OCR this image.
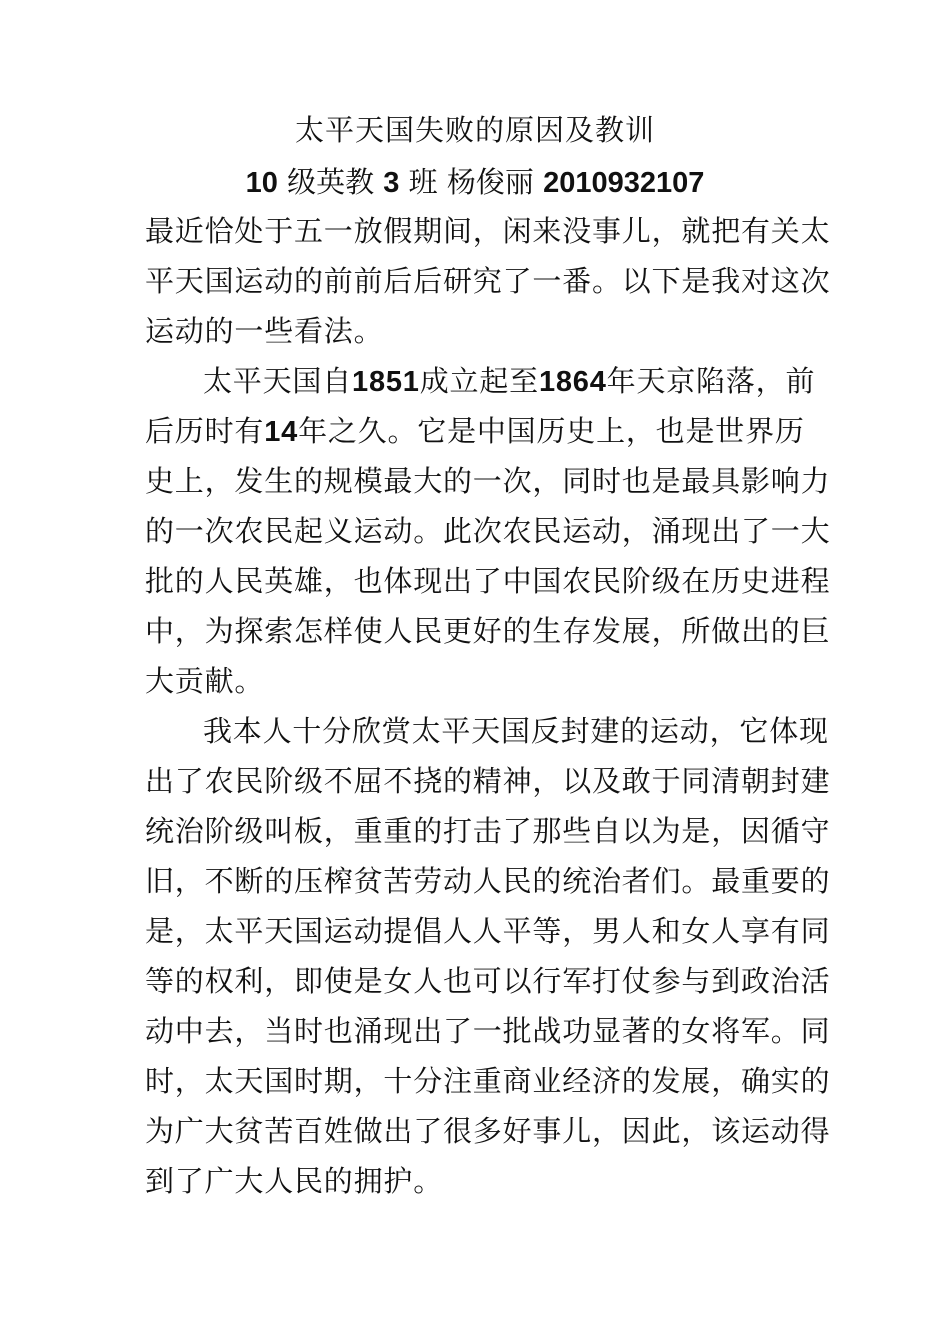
太平天国失败的原因及教训
10 级英教 3 班 杨俊丽 2010932107
最近恰处于五一放假期间，闲来没事儿，就把有关太
平天国运动的前前后后研究了一番。以下是我对这次
运动的一些看法。
太平天国自1851成立起至1864年天京陷落，前
后历时有14年之久。它是中国历史上，也是世界历
史上，发生的规模最大的一次，同时也是最具影响力
的一次农民起义运动。此次农民运动，涌现出了一大
批的人民英雄，也体现出了中国农民阶级在历史进程
中，为探索怎样使人民更好的生存发展，所做出的巨
大贡献。
我本人十分欣赏太平天国反封建的运动，它体现
出了农民阶级不屈不挠的精神，以及敢于同清朝封建
统治阶级叫板，重重的打击了那些自以为是，因循守
旧，不断的压榨贫苦劳动人民的统治者们。最重要的
是，太平天国运动提倡人人平等，男人和女人享有同
等的权利，即使是女人也可以行军打仗参与到政治活
动中去，当时也涌现出了一批战功显著的女将军。同
时，太天国时期，十分注重商业经济的发展，确实的
为广大贫苦百姓做出了很多好事儿，因此，该运动得
到了广大人民的拥护。
